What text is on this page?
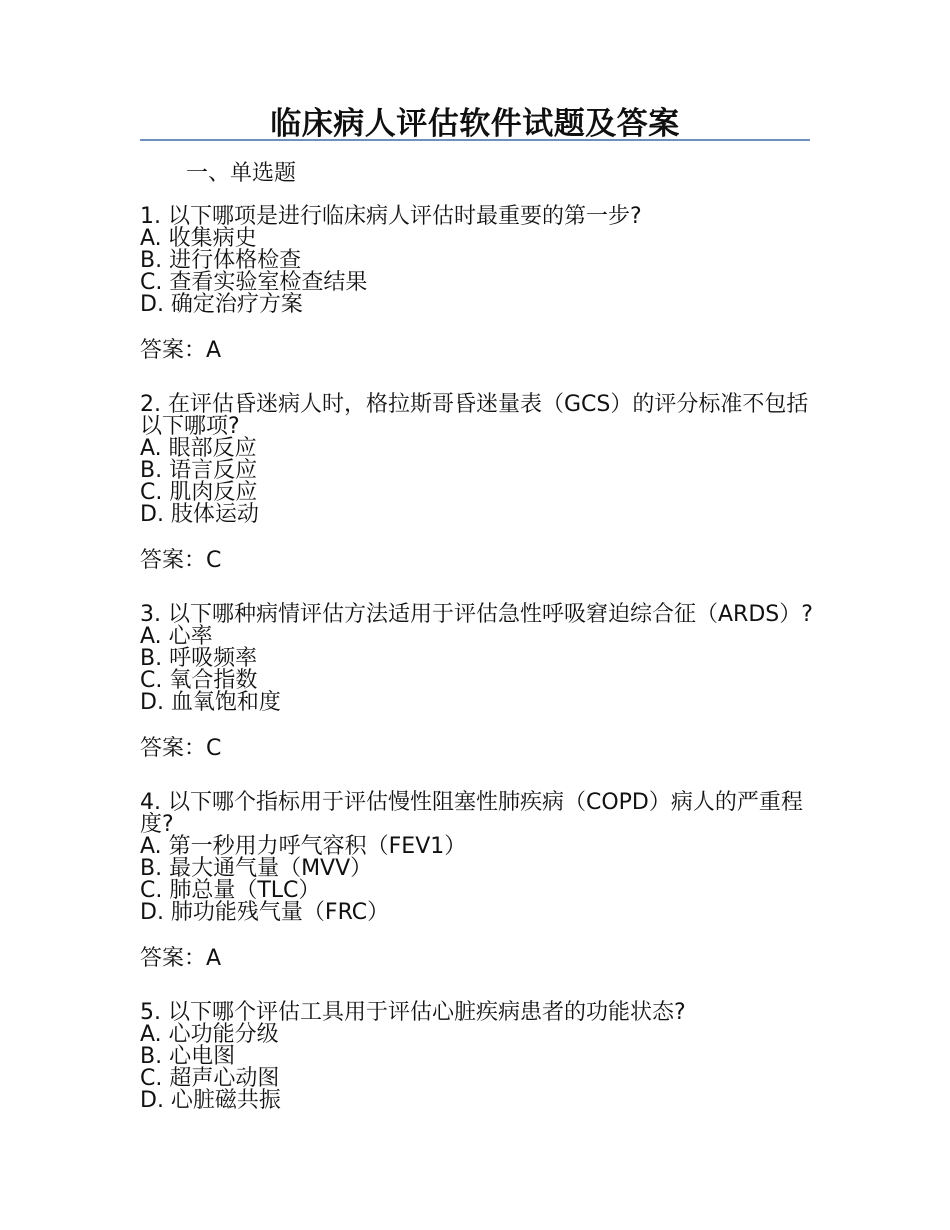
临床病人评估软件试题及答案
一、单选题
1. 以下哪项是进行临床病人评估时最重要的第一步?
A. 收集病史
B. 进行体格检查
C. 查看实验室检查结果
D. 确定治疗方案
答案：A
2. 在评估昏迷病人时，格拉斯哥昏迷量表（GCS）的评分标准不包括以下哪项?
A. 眼部反应
B. 语言反应
C. 肌肉反应
D. 肢体运动
答案：C
3. 以下哪种病情评估方法适用于评估急性呼吸窘迫综合征（ARDS）?
A. 心率
B. 呼吸频率
C. 氧合指数
D. 血氧饱和度
答案：C
4. 以下哪个指标用于评估慢性阻塞性肺疾病（COPD）病人的严重程度?
A. 第一秒用力呼气容积（FEV1）
B. 最大通气量（MVV）
C. 肺总量（TLC）
D. 肺功能残气量（FRC）
答案：A
5. 以下哪个评估工具用于评估心脏疾病患者的功能状态?
A. 心功能分级
B. 心电图
C. 超声心动图
D. 心脏磁共振
